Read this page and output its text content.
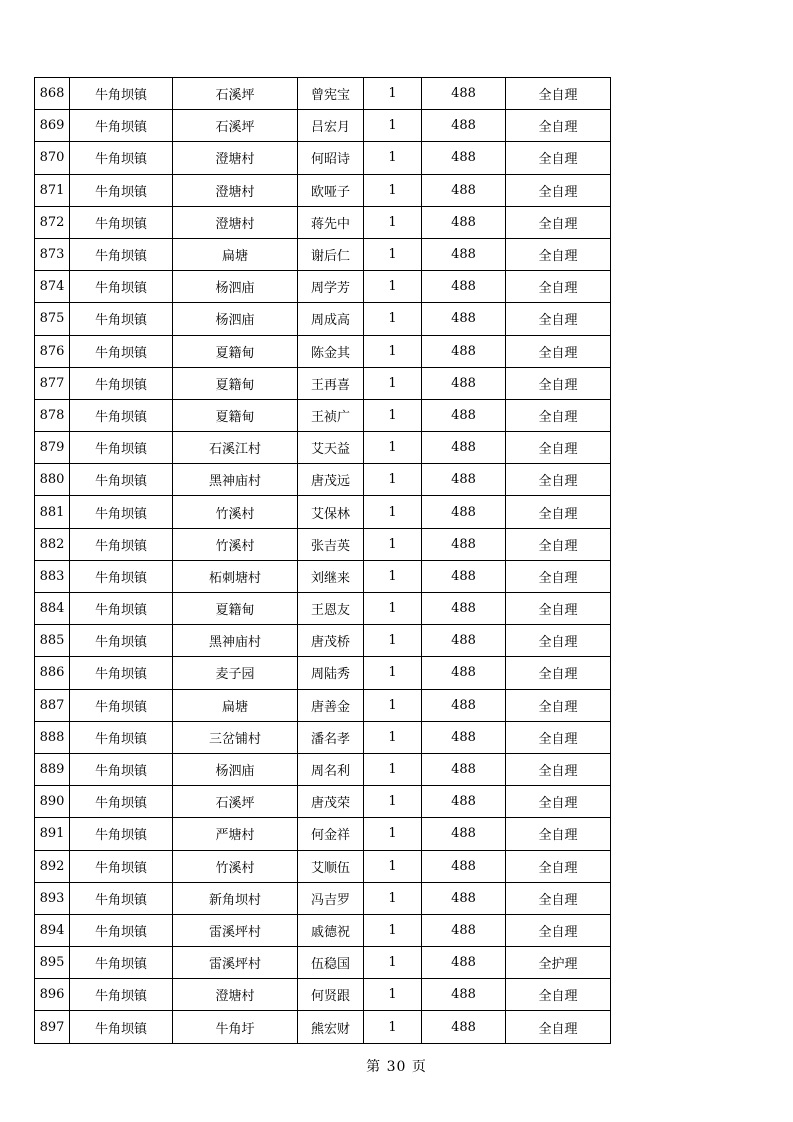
868	牛角坝镇	石溪坪	曾宪宝	1	488	全自理
869	牛角坝镇	石溪坪	吕宏月	1	488	全自理
870	牛角坝镇	澄塘村	何昭诗	1	488	全自理
871	牛角坝镇	澄塘村	欧哑子	1	488	全自理
872	牛角坝镇	澄塘村	蒋先中	1	488	全自理
873	牛角坝镇	扁塘	谢后仁	1	488	全自理
874	牛角坝镇	杨泗庙	周学芳	1	488	全自理
875	牛角坝镇	杨泗庙	周成高	1	488	全自理
876	牛角坝镇	夏籍甸	陈金其	1	488	全自理
877	牛角坝镇	夏籍甸	王再喜	1	488	全自理
878	牛角坝镇	夏籍甸	王祯广	1	488	全自理
879	牛角坝镇	石溪江村	艾天益	1	488	全自理
880	牛角坝镇	黑神庙村	唐茂远	1	488	全自理
881	牛角坝镇	竹溪村	艾保林	1	488	全自理
882	牛角坝镇	竹溪村	张吉英	1	488	全自理
883	牛角坝镇	柘刺塘村	刘继来	1	488	全自理
884	牛角坝镇	夏籍甸	王恩友	1	488	全自理
885	牛角坝镇	黑神庙村	唐茂桥	1	488	全自理
886	牛角坝镇	麦子园	周陆秀	1	488	全自理
887	牛角坝镇	扁塘	唐善金	1	488	全自理
888	牛角坝镇	三岔铺村	潘名孝	1	488	全自理
889	牛角坝镇	杨泗庙	周名利	1	488	全自理
890	牛角坝镇	石溪坪	唐茂荣	1	488	全自理
891	牛角坝镇	严塘村	何金祥	1	488	全自理
892	牛角坝镇	竹溪村	艾顺伍	1	488	全自理
893	牛角坝镇	新角坝村	冯吉罗	1	488	全自理
894	牛角坝镇	雷溪坪村	戚德祝	1	488	全自理
895	牛角坝镇	雷溪坪村	伍稳国	1	488	全护理
896	牛角坝镇	澄塘村	何贤跟	1	488	全自理
897	牛角坝镇	牛角圩	熊宏财	1	488	全自理
第 30 页
